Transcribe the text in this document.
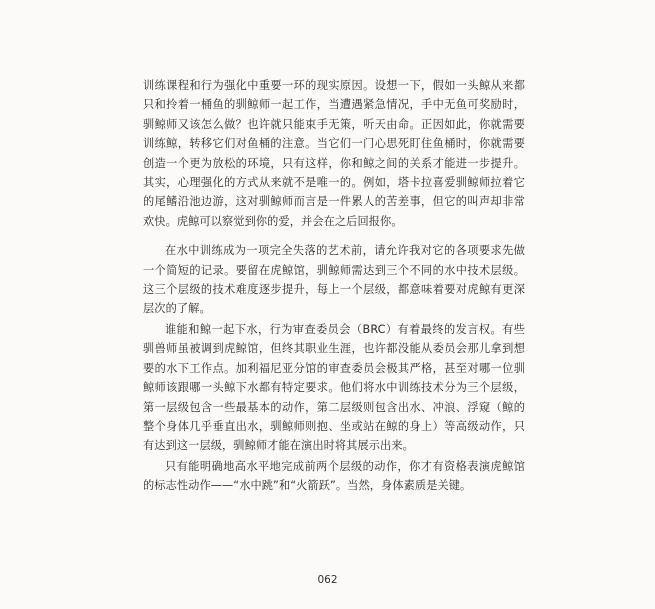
训练课程和行为强化中重要一环的现实原因。设想一下，假如一头鲸从来都只和拎着一桶鱼的驯鲸师一起工作，当遭遇紧急情况，手中无鱼可奖励时，驯鲸师又该怎么做？也许就只能束手无策，听天由命。正因如此，你就需要训练鲸，转移它们对鱼桶的注意。当它们一门心思死盯住鱼桶时，你就需要创造一个更为放松的环境，只有这样，你和鲸之间的关系才能进一步提升。其实，心理强化的方式从来就不是唯一的。例如，塔卡拉喜爱驯鲸师拉着它的尾鳍沿池边游，这对驯鲸师而言是一件累人的苦差事，但它的叫声却非常欢快。虎鲸可以察觉到你的爱，并会在之后回报你。

在水中训练成为一项完全失落的艺术前，请允许我对它的各项要求先做一个简短的记录。要留在虎鲸馆，驯鲸师需达到三个不同的水中技术层级。这三个层级的技术难度逐步提升，每上一个层级，都意味着要对虎鲸有更深层次的了解。

谁能和鲸一起下水，行为审查委员会（BRC）有着最终的发言权。有些驯兽师虽被调到虎鲸馆，但终其职业生涯，也许都没能从委员会那儿拿到想要的水下工作点。加利福尼亚分馆的审查委员会极其严格，甚至对哪一位驯鲸师该跟哪一头鲸下水都有特定要求。他们将水中训练技术分为三个层级，第一层级包含一些最基本的动作，第二层级则包含出水、冲浪、浮窥（鲸的整个身体几乎垂直出水，驯鲸师则抱、坐或站在鲸的身上）等高级动作，只有达到这一层级，驯鲸师才能在演出时将其展示出来。

只有能明确地高水平地完成前两个层级的动作，你才有资格表演虎鲸馆的标志性动作——“水中跳”和“火箭跃”。当然，身体素质是关键。

062
